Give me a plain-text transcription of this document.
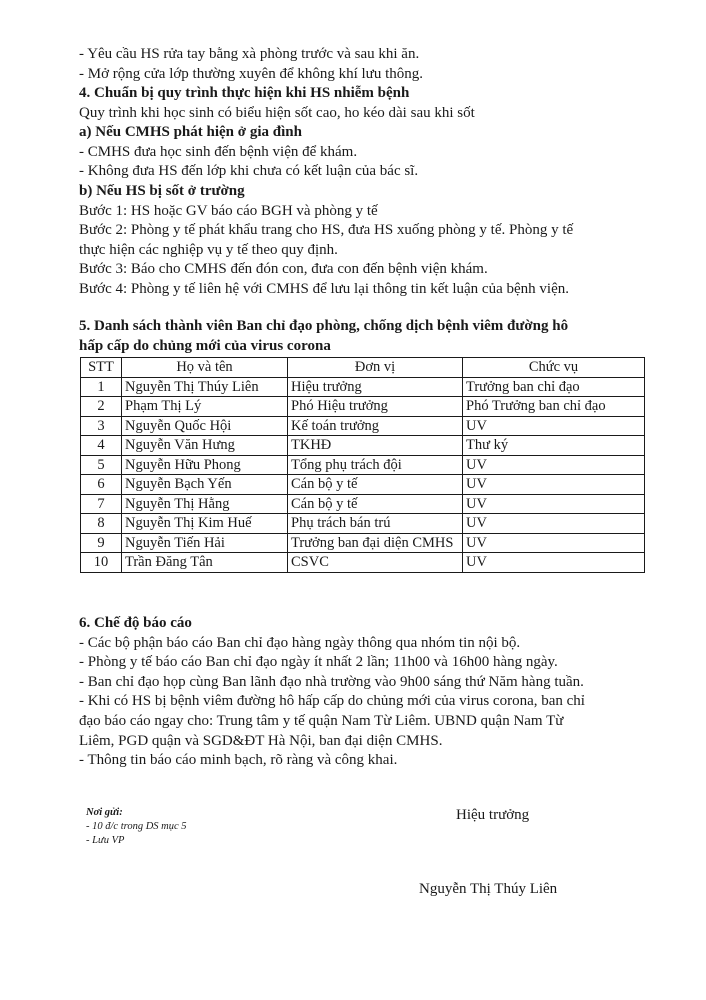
- Yêu cầu HS rửa tay bằng xà phòng trước và sau khi ăn.
- Mở rộng cửa lớp thường xuyên để không khí lưu thông.
4. Chuẩn bị quy trình thực hiện khi HS nhiễm bệnh
Quy trình khi học sinh có biểu hiện sốt cao, ho kéo dài sau khi sốt
a) Nếu CMHS phát hiện ở gia đình
- CMHS đưa học sinh đến bệnh viện để khám.
- Không đưa HS đến lớp khi chưa có kết luận của bác sĩ.
b) Nếu HS bị sốt ở trường
Bước 1: HS hoặc GV báo cáo BGH và phòng y tế
Bước 2: Phòng y tế phát khẩu trang cho HS, đưa HS xuống phòng y tế. Phòng y tế
thực hiện các nghiệp vụ y tế theo quy định.
Bước 3: Báo cho CMHS đến đón con, đưa con đến bệnh viện khám.
Bước 4: Phòng y tế liên hệ với CMHS để lưu lại thông tin kết luận của bệnh viện.
5. Danh sách thành viên Ban chỉ đạo phòng, chống dịch bệnh viêm đường hô
hấp cấp do chủng mới của virus corona
STT	Họ và tên	Đơn vị	Chức vụ
1	Nguyễn Thị Thúy Liên	Hiệu trưởng	Trưởng ban chỉ đạo
2	Phạm Thị Lý	Phó Hiệu trưởng	Phó Trưởng ban chỉ đạo
3	Nguyễn Quốc Hội	Kế toán trưởng	UV
4	Nguyễn Văn Hưng	TKHĐ	Thư ký
5	Nguyễn Hữu Phong	Tổng phụ trách đội	UV
6	Nguyễn Bạch Yến	Cán bộ y tế	UV
7	Nguyễn Thị Hằng	Cán bộ y tế	UV
8	Nguyễn Thị Kim Huế	Phụ trách bán trú	UV
9	Nguyễn Tiến Hải	Trưởng ban đại diện CMHS	UV
10	Trần Đăng Tân	CSVC	UV
6. Chế độ báo cáo
- Các bộ phận báo cáo Ban chỉ đạo hàng ngày thông qua nhóm tin nội bộ.
- Phòng y tế báo cáo Ban chỉ đạo ngày ít nhất 2 lần; 11h00 và 16h00 hàng ngày.
- Ban chỉ đạo họp cùng Ban lãnh đạo nhà trường vào 9h00 sáng thứ Năm hàng tuần.
- Khi có HS bị bệnh viêm đường hô hấp cấp do chủng mới của virus corona, ban chỉ
đạo báo cáo ngay cho: Trung tâm y tế quận Nam Từ Liêm. UBND quận Nam Từ
Liêm, PGD quận và SGD&ĐT Hà Nội, ban đại diện CMHS.
- Thông tin báo cáo minh bạch, rõ ràng và công khai.
Nơi gửi:
- 10 đ/c trong DS mục 5
- Lưu VP
Hiệu trưởng
Nguyễn Thị Thúy Liên
